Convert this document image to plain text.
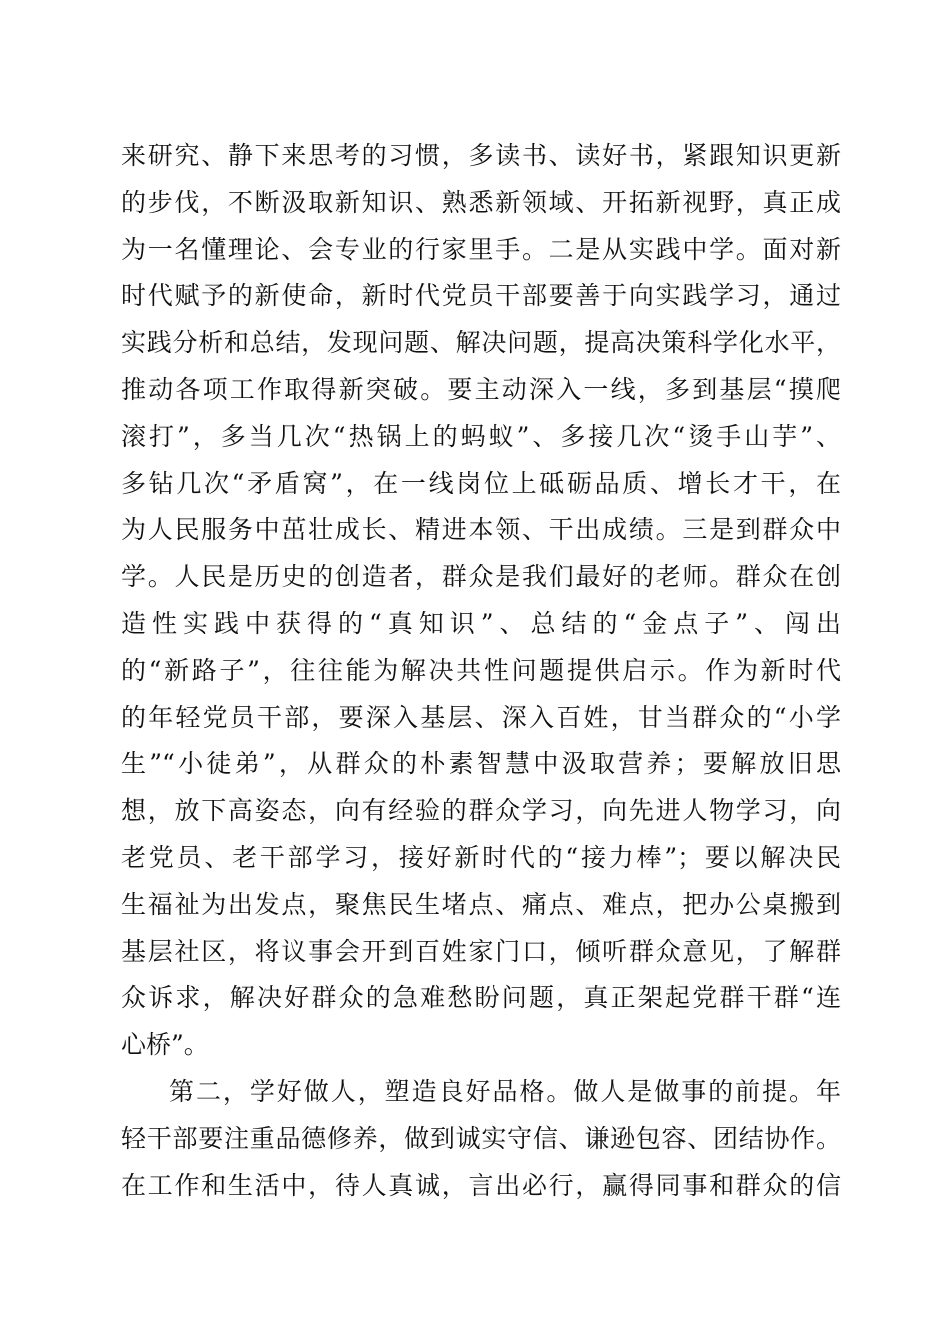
来研究、静下来思考的习惯，多读书、读好书，紧跟知识更新
的步伐，不断汲取新知识、熟悉新领域、开拓新视野，真正成
为一名懂理论、会专业的行家里手。二是从实践中学。面对新
时代赋予的新使命，新时代党员干部要善于向实践学习，通过
实践分析和总结，发现问题、解决问题，提高决策科学化水平，
推动各项工作取得新突破。要主动深入一线，多到基层“摸爬
滚打”，多当几次“热锅上的蚂蚁”、多接几次“烫手山芋”、
多钻几次“矛盾窝”，在一线岗位上砥砺品质、增长才干，在
为人民服务中茁壮成长、精进本领、干出成绩。三是到群众中
学。人民是历史的创造者，群众是我们最好的老师。群众在创
造性实践中获得的“真知识”、总结的“金点子”、闯出
的“新路子”，往往能为解决共性问题提供启示。作为新时代
的年轻党员干部，要深入基层、深入百姓，甘当群众的“小学
生”“小徒弟”，从群众的朴素智慧中汲取营养；要解放旧思
想，放下高姿态，向有经验的群众学习，向先进人物学习，向
老党员、老干部学习，接好新时代的“接力棒”；要以解决民
生福祉为出发点，聚焦民生堵点、痛点、难点，把办公桌搬到
基层社区，将议事会开到百姓家门口，倾听群众意见，了解群
众诉求，解决好群众的急难愁盼问题，真正架起党群干群“连
心桥”。
第二，学好做人，塑造良好品格。做人是做事的前提。年
轻干部要注重品德修养，做到诚实守信、谦逊包容、团结协作。
在工作和生活中，待人真诚，言出必行，赢得同事和群众的信
